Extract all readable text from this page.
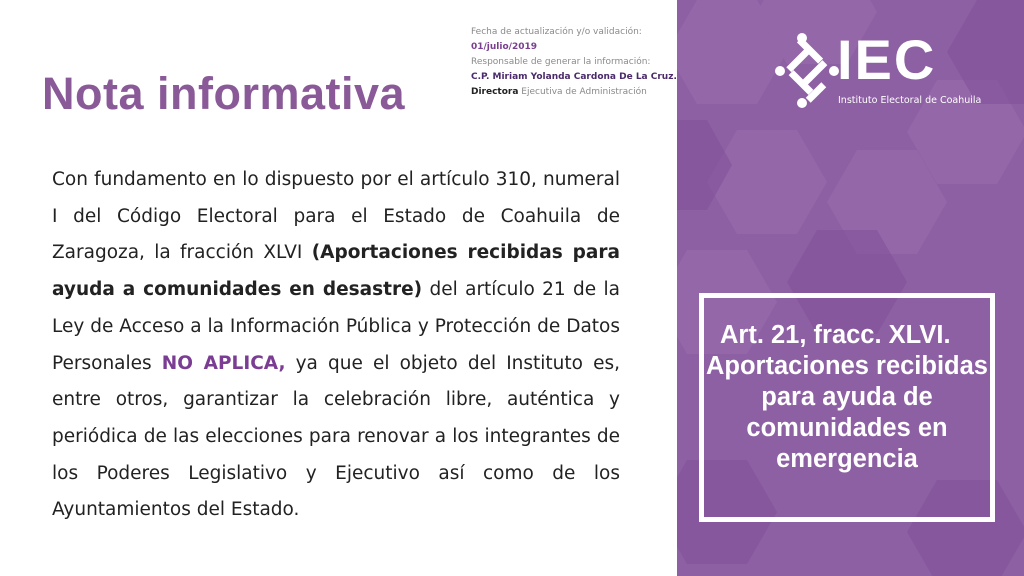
Fecha de actualización y/o validación:
01/julio/2019
Responsable de generar la información:
C.P. Miriam Yolanda Cardona De La Cruz.
Directora Ejecutiva de Administración
Nota informativa

Con fundamento en lo dispuesto por el artículo 310, numeral I del Código Electoral para el Estado de Coahuila de Zaragoza, la fracción XLVI (Aportaciones recibidas para ayuda a comunidades en desastre) del artículo 21 de la Ley de Acceso a la Información Pública y Protección de Datos Personales NO APLICA, ya que el objeto del Instituto es, entre otros, garantizar la celebración libre, auténtica y periódica de las elecciones para renovar a los integrantes de los Poderes Legislativo y Ejecutivo así como de los Ayuntamientos del Estado.

IEC
Instituto Electoral de Coahuila

Art. 21, fracc. XLVI.
Aportaciones recibidas para ayuda de comunidades en emergencia
